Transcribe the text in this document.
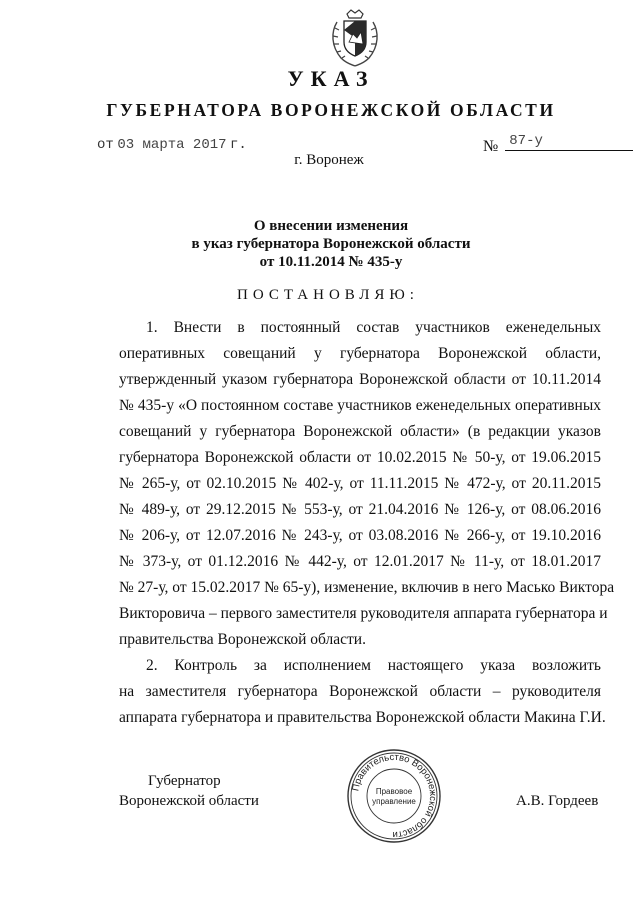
УКАЗ
ГУБЕРНАТОРА ВОРОНЕЖСКОЙ ОБЛАСТИ
от 03 марта 2017 г.	№ 87-у
г. Воронеж
О внесении изменения
в указ губернатора Воронежской области
от 10.11.2014 № 435-у
ПОСТАНОВЛЯЮ:
1. Внести в постоянный состав участников еженедельных
оперативных совещаний у губернатора Воронежской области,
утвержденный указом губернатора Воронежской области от 10.11.2014
№ 435-у «О постоянном составе участников еженедельных оперативных
совещаний у губернатора Воронежской области» (в редакции указов
губернатора Воронежской области от 10.02.2015 № 50-у, от 19.06.2015
№ 265-у, от 02.10.2015 № 402-у, от 11.11.2015 № 472-у, от 20.11.2015
№ 489-у, от 29.12.2015 № 553-у, от 21.04.2016 № 126-у, от 08.06.2016
№ 206-у, от 12.07.2016 № 243-у, от 03.08.2016 № 266-у, от 19.10.2016
№ 373-у, от 01.12.2016 № 442-у, от 12.01.2017 № 11-у, от 18.01.2017
№ 27-у, от 15.02.2017 № 65-у), изменение, включив в него Масько Виктора
Викторовича – первого заместителя руководителя аппарата губернатора и
правительства Воронежской области.
2. Контроль за исполнением настоящего указа возложить
на заместителя губернатора Воронежской области – руководителя
аппарата губернатора и правительства Воронежской области Макина Г.И.
Губернатор
Воронежской области	А.В. Гордеев
Правительство Воронежской области
Правовое
управление
